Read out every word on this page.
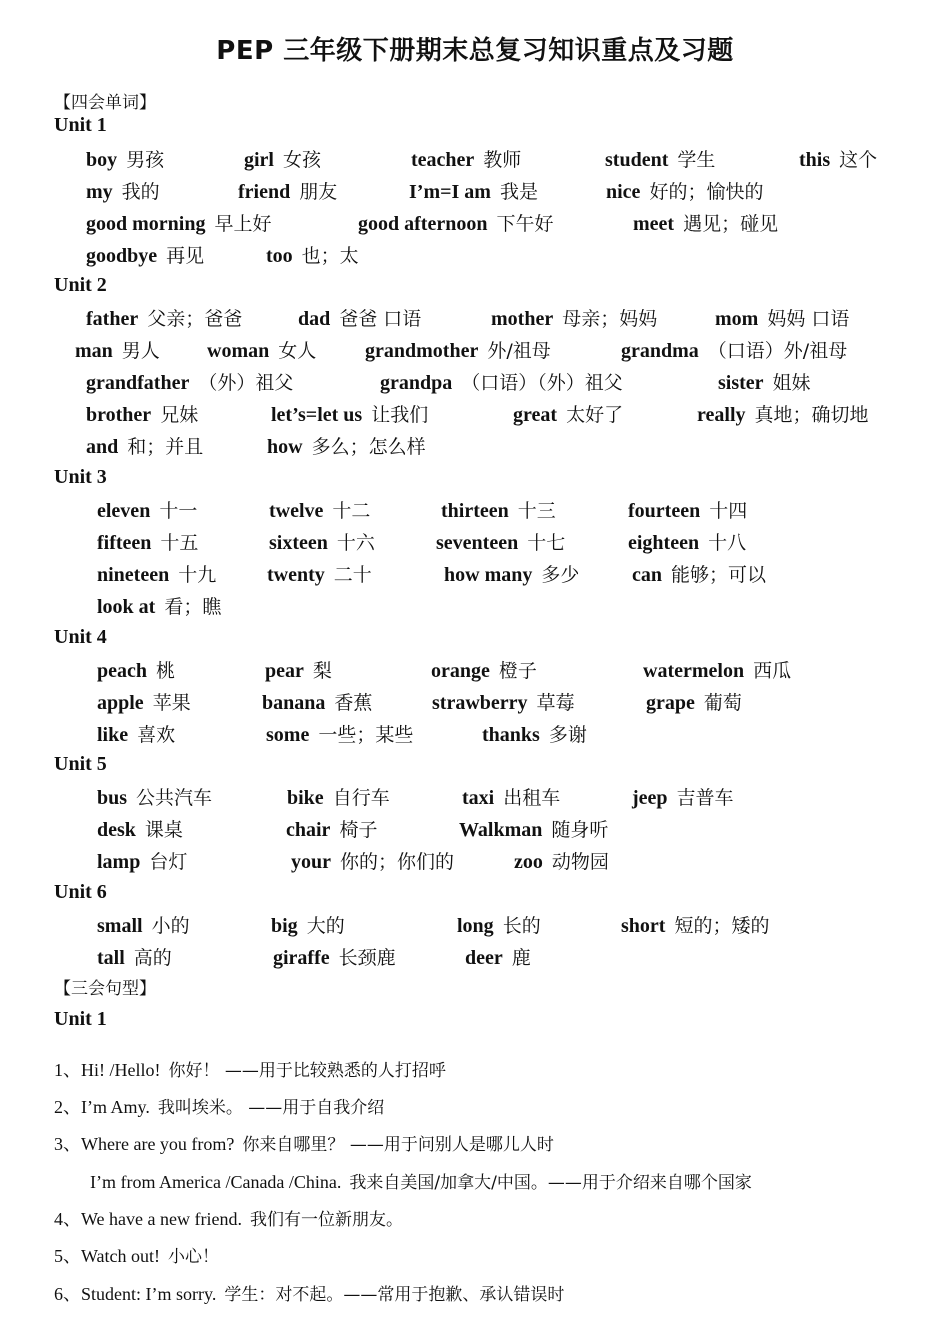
PEP 三年级下册期末总复习知识重点及习题
【四会单词】
Unit 1
boy 男孩	girl 女孩	teacher 教师	student 学生	this 这个
my 我的	friend 朋友	I’m=I am 我是	nice 好的；愉快的
good morning 早上好	good afternoon 下午好	meet 遇见；碰见
goodbye 再见	too 也；太
Unit 2
father 父亲；爸爸	dad 爸爸 口语	mother 母亲；妈妈	mom 妈妈 口语
man 男人 woman 女人 grandmother 外/祖母	grandma （口语）外/祖母
grandfather （外）祖父	grandpa （口语）（外）祖父	sister 姐妹
brother 兄妹	let’s=let us 让我们	great 太好了	really 真地；确切地
and 和；并且	how 多么；怎么样
Unit 3
eleven 十一	twelve 十二	thirteen 十三	fourteen 十四
fifteen 十五	sixteen 十六	seventeen 十七	eighteen 十八
nineteen 十九	twenty 二十	how many 多少	can 能够；可以
look at 看；瞧
Unit 4
peach 桃	pear 梨	orange 橙子	watermelon 西瓜
apple 苹果	banana 香蕉	strawberry 草莓	grape 葡萄
like 喜欢	some 一些；某些	thanks 多谢
Unit 5
bus 公共汽车	bike 自行车	taxi 出租车	jeep 吉普车
desk 课桌	chair 椅子	Walkman 随身听
lamp 台灯	your 你的；你们的	zoo 动物园
Unit 6
small 小的	big 大的	long 长的	short 短的；矮的
tall 高的	giraffe 长颈鹿	deer 鹿
【三会句型】
Unit 1
1、Hi! /Hello! 你好！ ——用于比较熟悉的人打招呼
2、I’m Amy. 我叫埃米。 ——用于自我介绍
3、Where are you from? 你来自哪里？ ——用于问别人是哪儿人时
I’m from America /Canada /China. 我来自美国/加拿大/中国。——用于介绍来自哪个国家
4、We have a new friend. 我们有一位新朋友。
5、Watch out! 小心！
6、Student: I’m sorry. 学生：对不起。——常用于抱歉、承认错误时
